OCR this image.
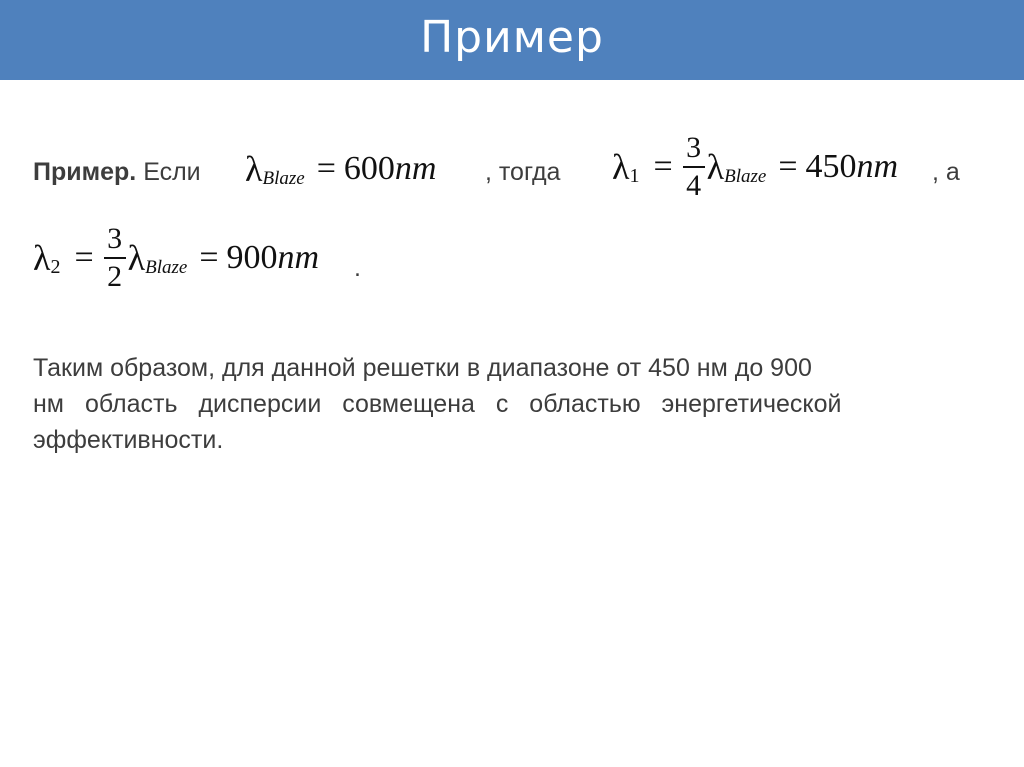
Пример
Пример. Если λ Blaze = 600 nm , тогда λ $1 = \frac{3}{4}$ λ Blaze = 450 nm , а
λ $2 = \frac{3}{2}$ λ Blaze = 900 nm .
Таким образом, для данной решетки в диапазоне от 450 нм до 900
нм область дисперсии совмещена с областью энергетической
эффективности.
